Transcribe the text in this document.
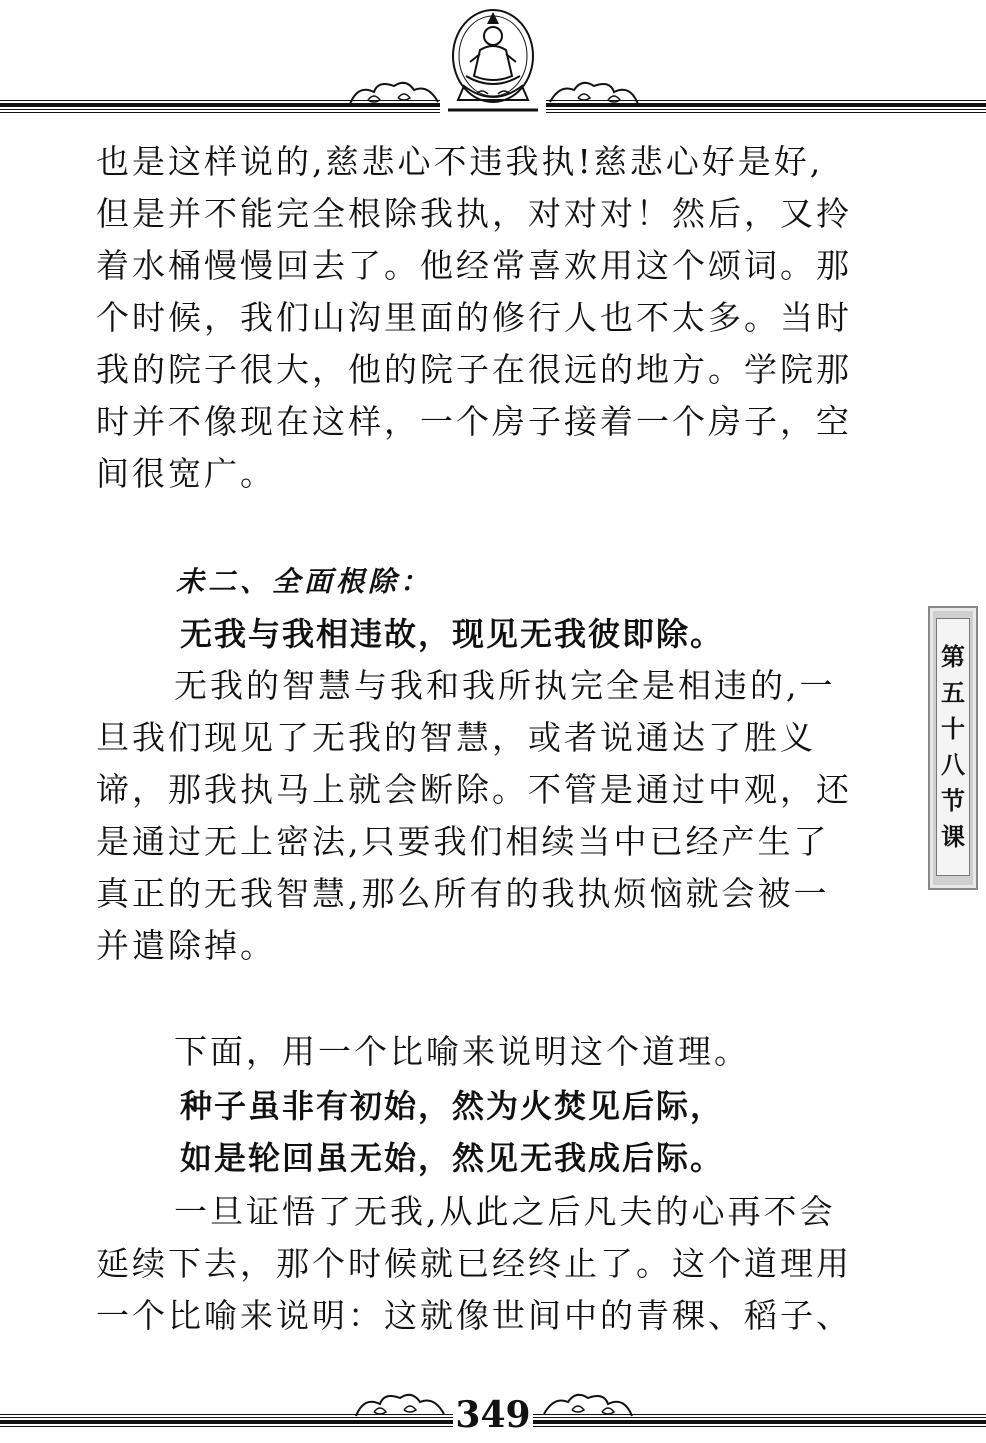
也是这样说的,慈悲心不违我执!慈悲心好是好,
但是并不能完全根除我执，对对对！然后，又拎
着水桶慢慢回去了。他经常喜欢用这个颂词。那
个时候，我们山沟里面的修行人也不太多。当时
我的院子很大，他的院子在很远的地方。学院那
时并不像现在这样，一个房子接着一个房子，空
间很宽广。
未二、全面根除：
无我与我相违故，现见无我彼即除。
无我的智慧与我和我所执完全是相违的,一
旦我们现见了无我的智慧，或者说通达了胜义
谛，那我执马上就会断除。不管是通过中观，还
是通过无上密法,只要我们相续当中已经产生了
真正的无我智慧,那么所有的我执烦恼就会被一
并遣除掉。
下面，用一个比喻来说明这个道理。
种子虽非有初始，然为火焚见后际，
如是轮回虽无始，然见无我成后际。
一旦证悟了无我,从此之后凡夫的心再不会
延续下去，那个时候就已经终止了。这个道理用
一个比喻来说明：这就像世间中的青稞、稻子、
第
五
十
八
节
课
349
